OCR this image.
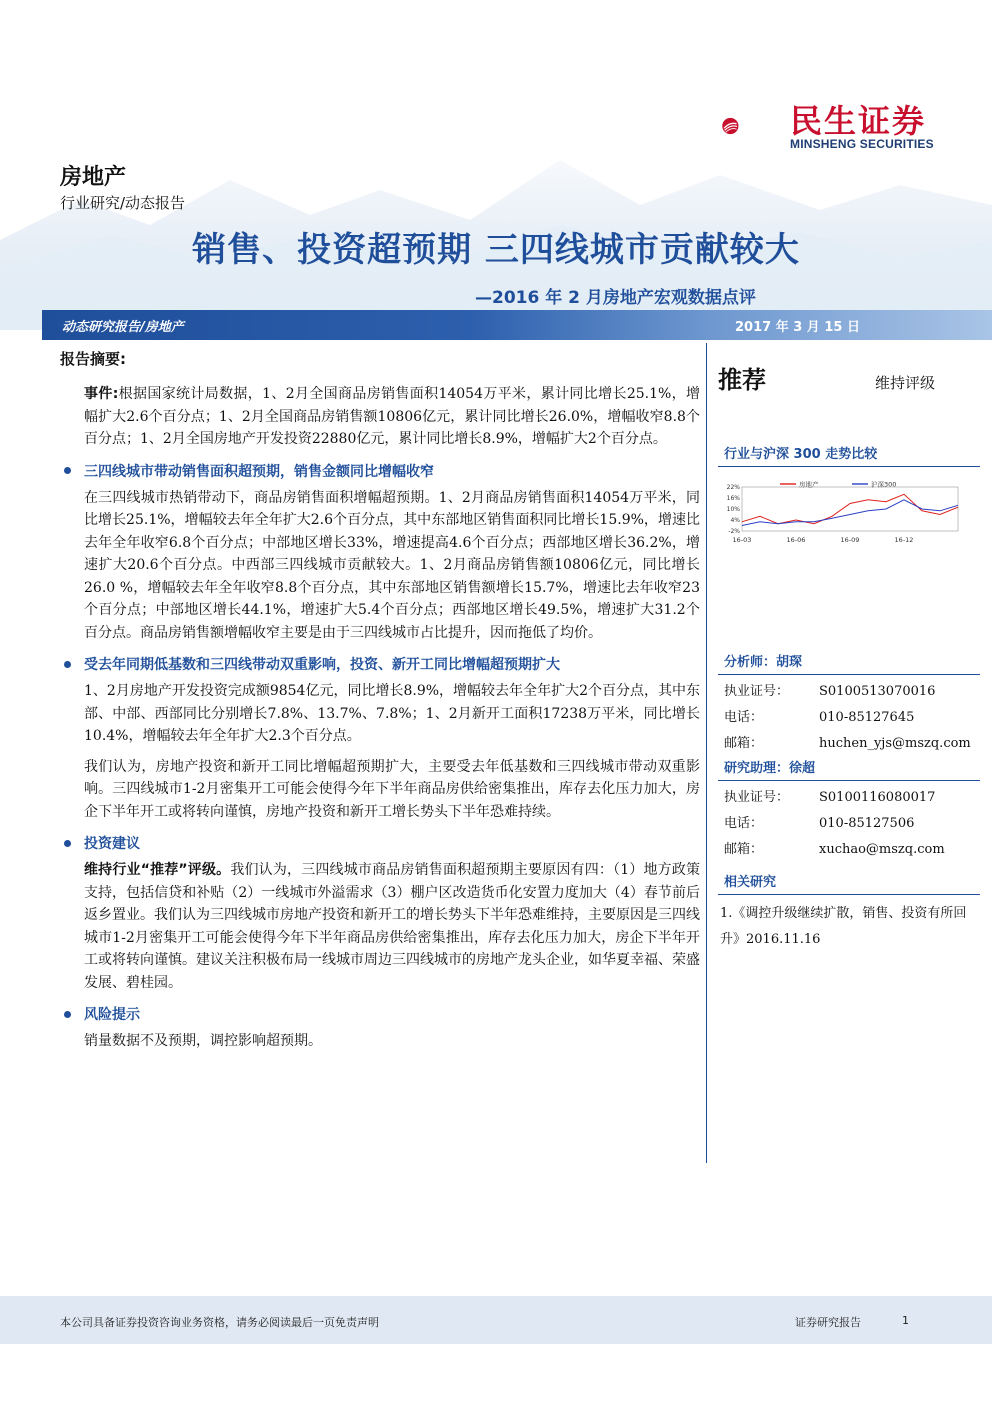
民生证券
MINSHENG SECURITIES
房地产
行业研究/动态报告
销售、投资超预期 三四线城市贡献较大
—2016 年 2 月房地产宏观数据点评
动态研究报告/房地产	2017 年 3 月 15 日
报告摘要:

事件:根据国家统计局数据，1、2月全国商品房销售面积14054万平米，累计同比增长25.1%，增幅扩大2.6个百分点；1、2月全国商品房销售额10806亿元，累计同比增长26.0%，增幅收窄8.8个百分点；1、2月全国房地产开发投资22880亿元，累计同比增长8.9%，增幅扩大2个百分点。

三四线城市带动销售面积超预期，销售金额同比增幅收窄

在三四线城市热销带动下，商品房销售面积增幅超预期。1、2月商品房销售面积14054万平米，同比增长25.1%，增幅较去年全年扩大2.6个百分点，其中东部地区销售面积同比增长15.9%，增速比去年全年收窄6.8个百分点；中部地区增长33%，增速提高4.6个百分点；西部地区增长36.2%，增速扩大20.6个百分点。中西部三四线城市贡献较大。1、2月商品房销售额10806亿元，同比增长26.0 %，增幅较去年全年收窄8.8个百分点，其中东部地区销售额增长15.7%，增速比去年收窄23个百分点；中部地区增长44.1%，增速扩大5.4个百分点；西部地区增长49.5%，增速扩大31.2个百分点。商品房销售额增幅收窄主要是由于三四线城市占比提升，因而拖低了均价。

受去年同期低基数和三四线带动双重影响，投资、新开工同比增幅超预期扩大

1、2月房地产开发投资完成额9854亿元，同比增长8.9%，增幅较去年全年扩大2个百分点，其中东部、中部、西部同比分别增长7.8%、13.7%、7.8%；1、2月新开工面积17238万平米，同比增长10.4%，增幅较去年全年扩大2.3个百分点。

我们认为，房地产投资和新开工同比增幅超预期扩大，主要受去年低基数和三四线城市带动双重影响。三四线城市1-2月密集开工可能会使得今年下半年商品房供给密集推出，库存去化压力加大，房企下半年开工或将转向谨慎，房地产投资和新开工增长势头下半年恐难持续。

投资建议

维持行业“推荐”评级。我们认为，三四线城市商品房销售面积超预期主要原因有四：（1）地方政策支持，包括信贷和补贴（2）一线城市外溢需求（3）棚户区改造货币化安置力度加大（4）春节前后返乡置业。我们认为三四线城市房地产投资和新开工的增长势头下半年恐难维持，主要原因是三四线城市1-2月密集开工可能会使得今年下半年商品房供给密集推出，库存去化压力加大，房企下半年开工或将转向谨慎。建议关注积极布局一线城市周边三四线城市的房地产龙头企业，如华夏幸福、荣盛发展、碧桂园。

风险提示

销量数据不及预期，调控影响超预期。

推荐	维持评级
行业与沪深 300 走势比较
22%
16%
10%
4%
-2%
16-03	16-06	16-09	16-12
房地产	沪深300
分析师：胡琛
执业证号：	S0100513070016
电话：	010-85127645
邮箱：	huchen_yjs@mszq.com
研究助理：徐超
执业证号：	S0100116080017
电话：	010-85127506
邮箱：	xuchao@mszq.com
相关研究
1.《调控升级继续扩散，销售、投资有所回升》2016.11.16
本公司具备证券投资咨询业务资格，请务必阅读最后一页免责声明	证券研究报告	1
